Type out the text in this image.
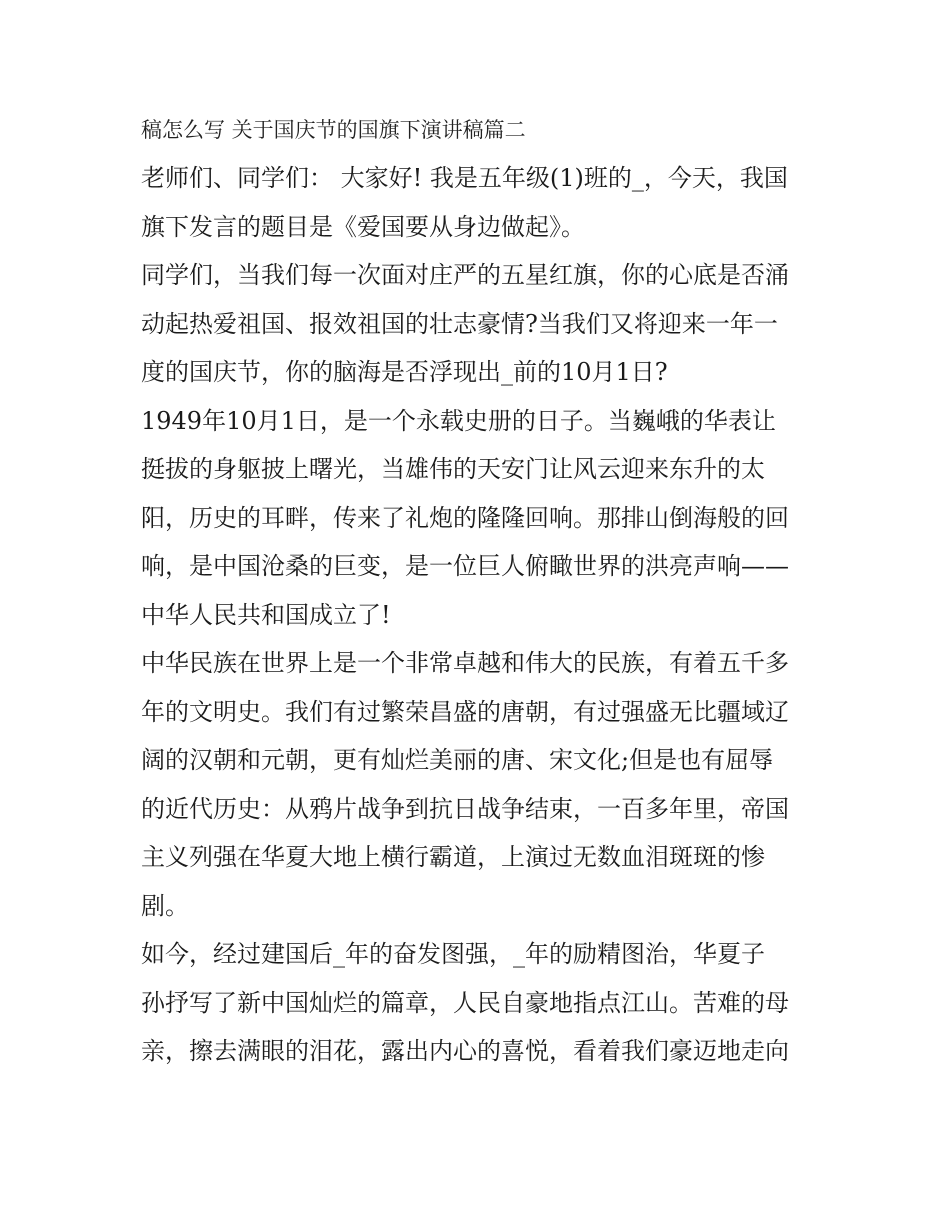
稿怎么写 关于国庆节的国旗下演讲稿篇二

老师们、同学们： 大家好! 我是五年级(1)班的_，今天，我国
旗下发言的题目是《爱国要从身边做起》。
同学们，当我们每一次面对庄严的五星红旗，你的心底是否涌
动起热爱祖国、报效祖国的壮志豪情?当我们又将迎来一年一
度的国庆节，你的脑海是否浮现出_前的10月1日?
1949年10月1日，是一个永载史册的日子。当巍峨的华表让
挺拔的身躯披上曙光，当雄伟的天安门让风云迎来东升的太
阳，历史的耳畔，传来了礼炮的隆隆回响。那排山倒海般的回
响，是中国沧桑的巨变，是一位巨人俯瞰世界的洪亮声响——
中华人民共和国成立了!
中华民族在世界上是一个非常卓越和伟大的民族，有着五千多
年的文明史。我们有过繁荣昌盛的唐朝，有过强盛无比疆域辽
阔的汉朝和元朝，更有灿烂美丽的唐、宋文化;但是也有屈辱
的近代历史：从鸦片战争到抗日战争结束，一百多年里，帝国
主义列强在华夏大地上横行霸道，上演过无数血泪斑斑的惨
剧。
如今，经过建国后_年的奋发图强，_年的励精图治，华夏子
孙抒写了新中国灿烂的篇章，人民自豪地指点江山。苦难的母
亲，擦去满眼的泪花，露出内心的喜悦，看着我们豪迈地走向
